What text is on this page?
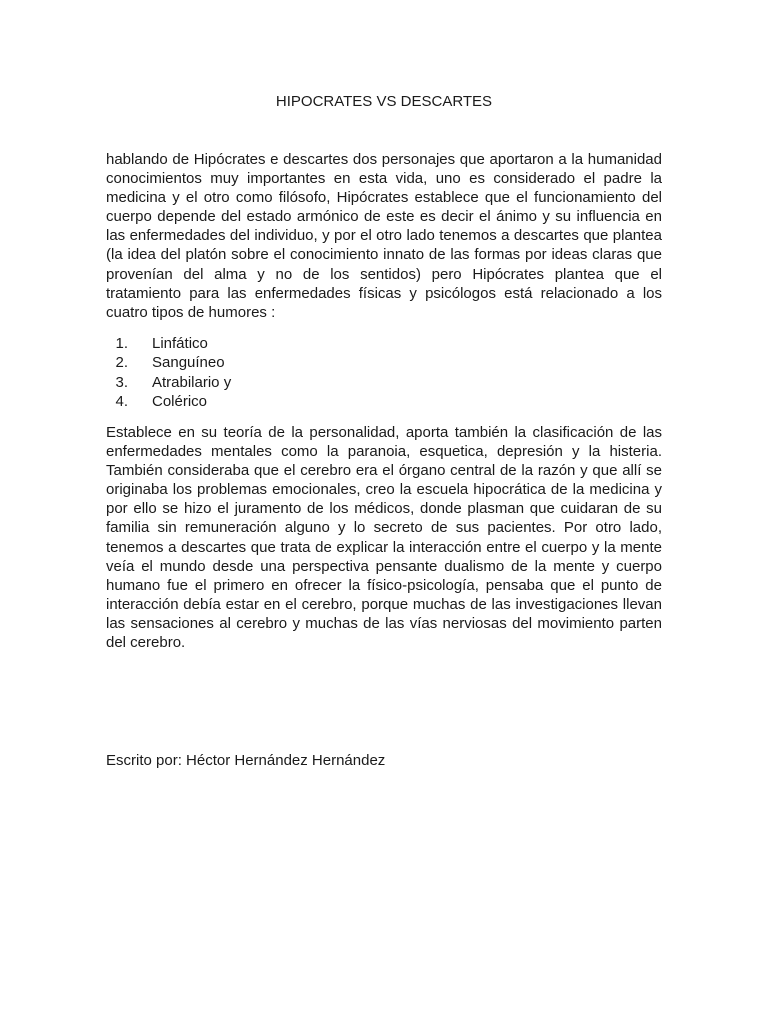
HIPOCRATES VS DESCARTES

hablando de Hipócrates e descartes dos personajes que aportaron a la humanidad conocimientos muy importantes en esta vida, uno es considerado el padre la medicina y el otro como filósofo, Hipócrates establece que el funcionamiento del cuerpo depende del estado armónico de este es decir el ánimo y su influencia en las enfermedades del individuo, y por el otro lado tenemos a descartes que plantea (la idea del platón sobre el conocimiento innato de las formas por ideas claras que provenían del alma y no de los sentidos) pero Hipócrates plantea que el tratamiento para las enfermedades físicas y psicólogos está relacionado a los cuatro tipos de humores :

1.	Linfático
2.	Sanguíneo
3.	Atrabilario y
4.	Colérico

Establece en su teoría de la personalidad, aporta también la clasificación de las enfermedades mentales como la paranoia, esquetica, depresión y la histeria. También consideraba que el cerebro era el órgano central de la razón y que allí se originaba los problemas emocionales, creo la escuela hipocrática de la medicina y por ello se hizo el juramento de los médicos, donde plasman que cuidaran de su familia sin remuneración alguno y lo secreto de sus pacientes. Por otro lado, tenemos a descartes que trata de explicar la interacción entre el cuerpo y la mente veía el mundo desde una perspectiva pensante dualismo de la mente y cuerpo humano fue el primero en ofrecer la físico-psicología, pensaba que el punto de interacción debía estar en el cerebro, porque muchas de las investigaciones llevan las sensaciones al cerebro y muchas de las vías nerviosas del movimiento parten del cerebro.

Escrito por: Héctor Hernández Hernández
